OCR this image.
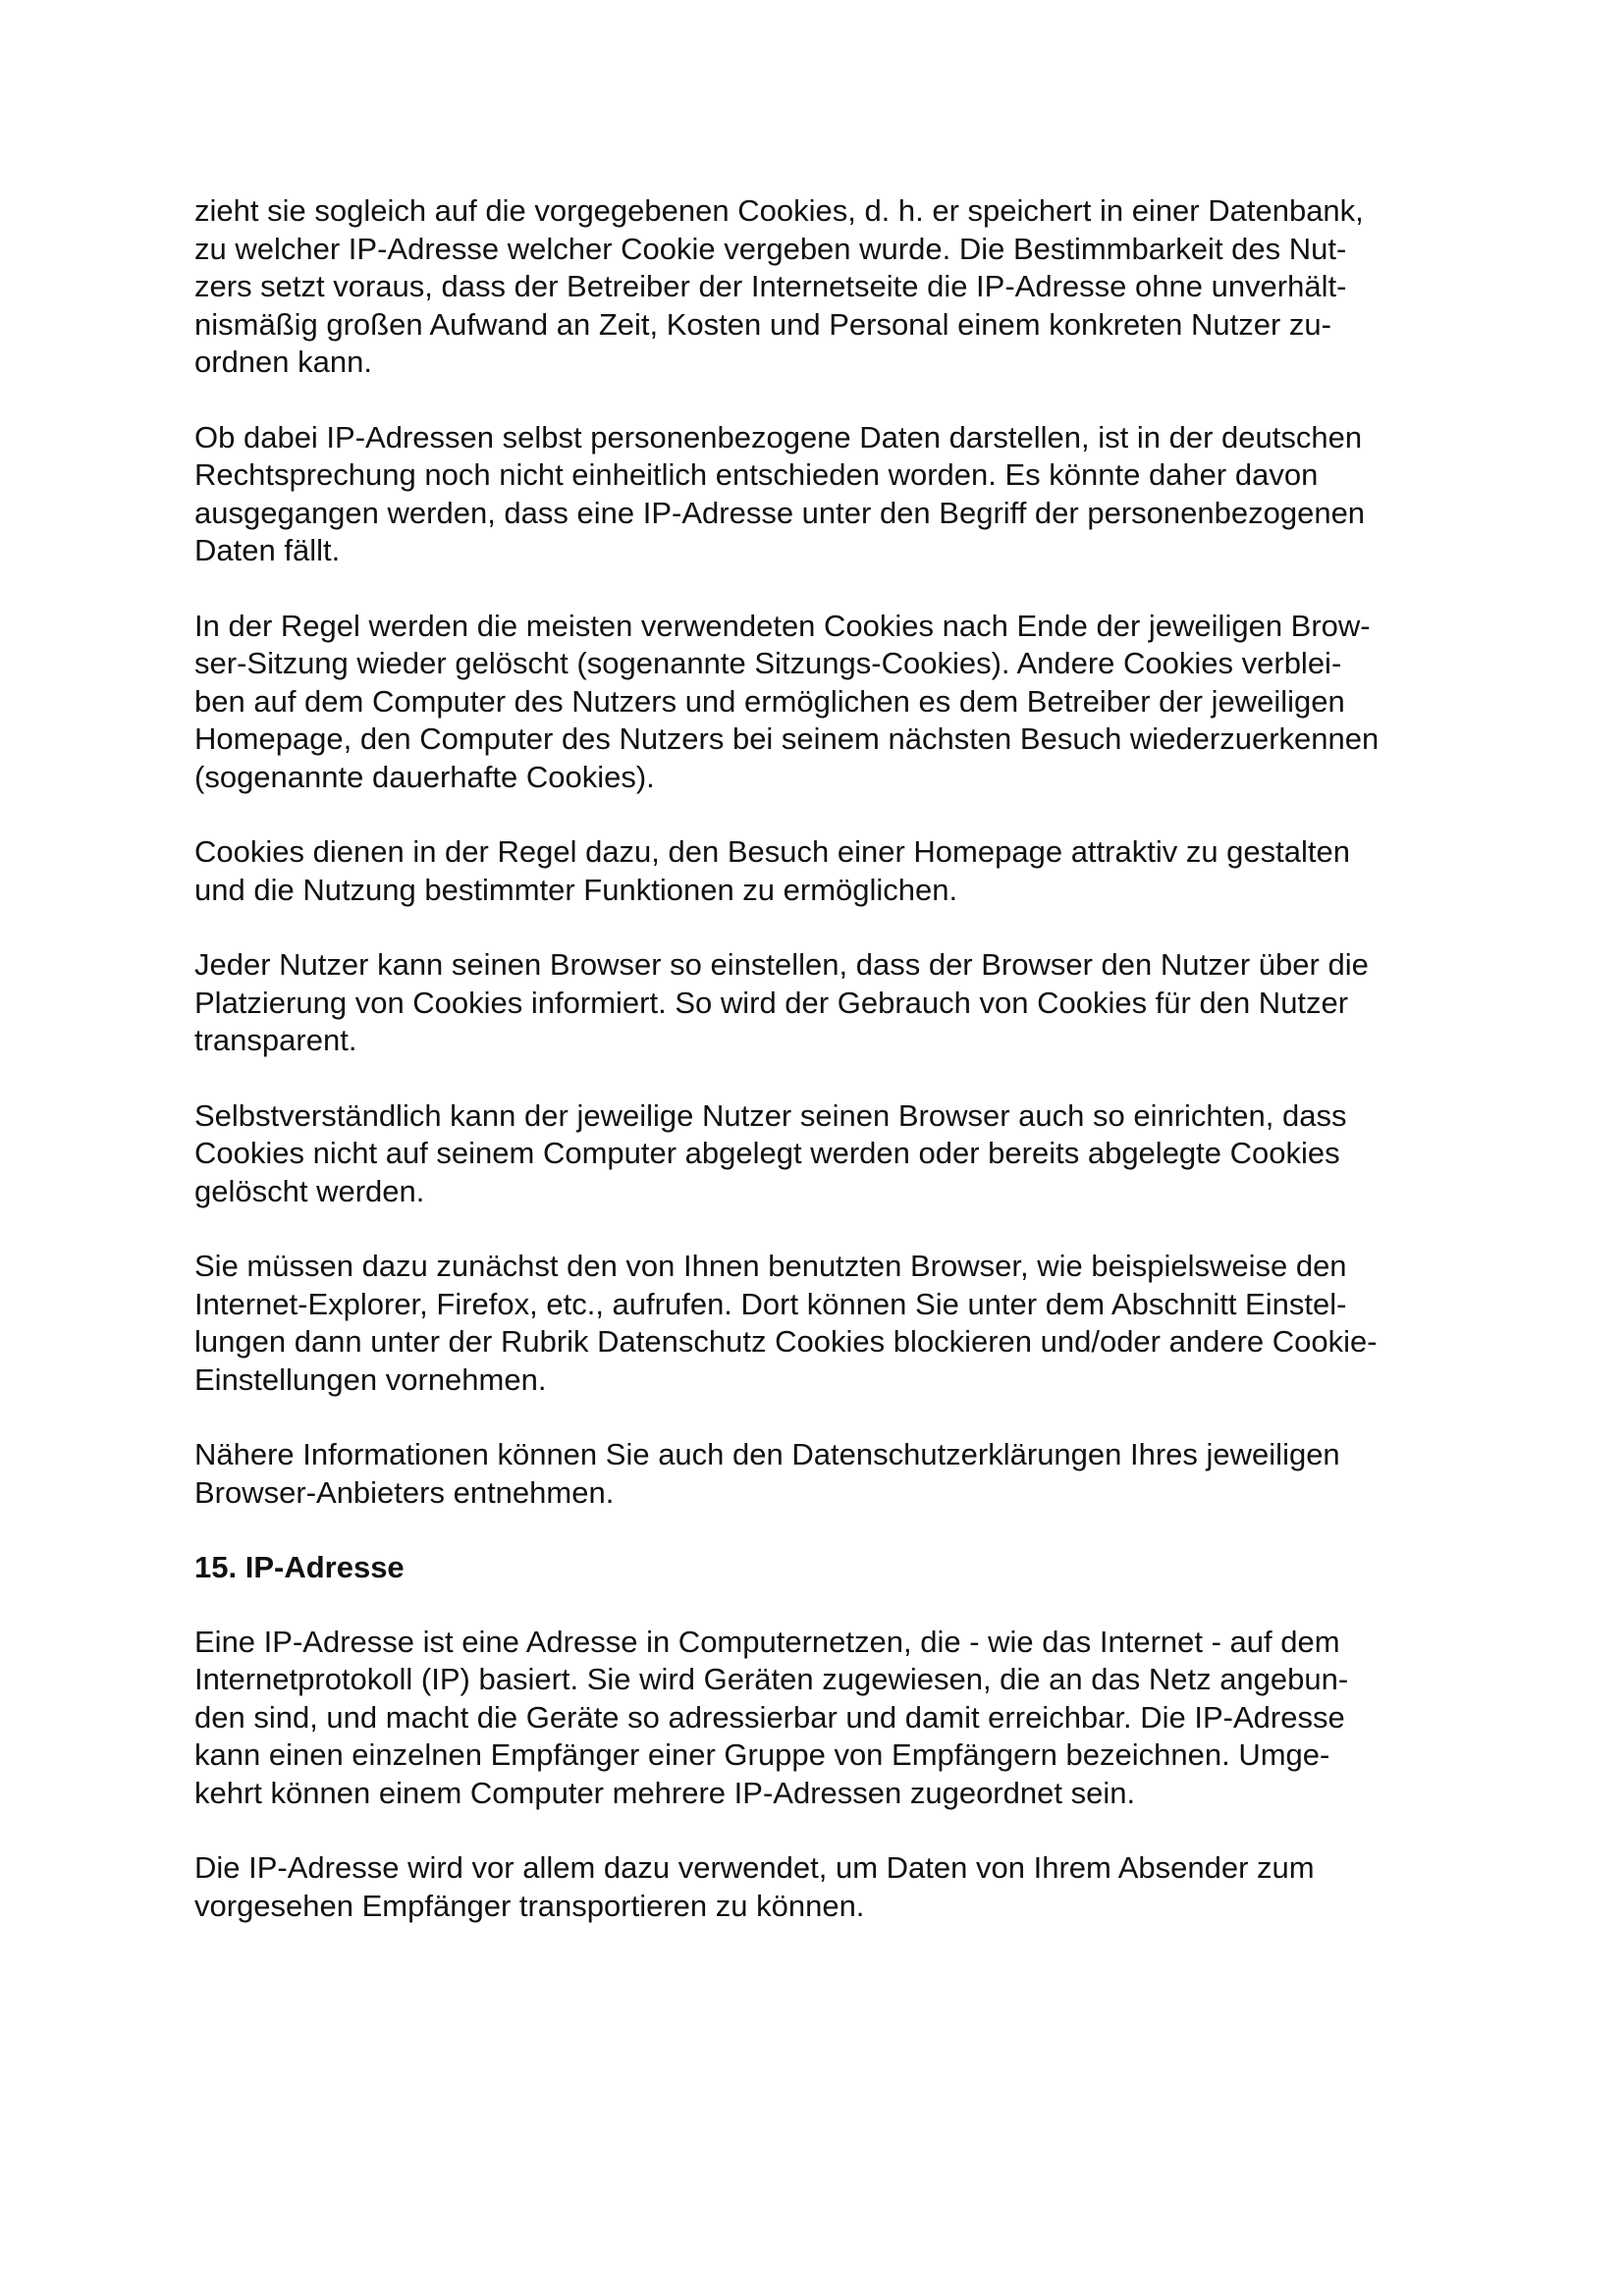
zieht sie sogleich auf die vorgegebenen Cookies, d. h. er speichert in einer Datenbank,
zu welcher IP-Adresse welcher Cookie vergeben wurde. Die Bestimmbarkeit des Nut-
zers setzt voraus, dass der Betreiber der Internetseite die IP-Adresse ohne unverhält-
nismäßig großen Aufwand an Zeit, Kosten und Personal einem konkreten Nutzer zu-
ordnen kann.

Ob dabei IP-Adressen selbst personenbezogene Daten darstellen, ist in der deutschen
Rechtsprechung noch nicht einheitlich entschieden worden. Es könnte daher davon
ausgegangen werden, dass eine IP-Adresse unter den Begriff der personenbezogenen
Daten fällt.

In der Regel werden die meisten verwendeten Cookies nach Ende der jeweiligen Brow-
ser-Sitzung wieder gelöscht (sogenannte Sitzungs-Cookies). Andere Cookies verblei-
ben auf dem Computer des Nutzers und ermöglichen es dem Betreiber der jeweiligen
Homepage, den Computer des Nutzers bei seinem nächsten Besuch wiederzuerkennen
(sogenannte dauerhafte Cookies).

Cookies dienen in der Regel dazu, den Besuch einer Homepage attraktiv zu gestalten
und die Nutzung bestimmter Funktionen zu ermöglichen.

Jeder Nutzer kann seinen Browser so einstellen, dass der Browser den Nutzer über die
Platzierung von Cookies informiert. So wird der Gebrauch von Cookies für den Nutzer
transparent.

Selbstverständlich kann der jeweilige Nutzer seinen Browser auch so einrichten, dass
Cookies nicht auf seinem Computer abgelegt werden oder bereits abgelegte Cookies
gelöscht werden.

Sie müssen dazu zunächst den von Ihnen benutzten Browser, wie beispielsweise den
Internet-Explorer, Firefox, etc., aufrufen. Dort können Sie unter dem Abschnitt Einstel-
lungen dann unter der Rubrik Datenschutz Cookies blockieren und/oder andere Cookie-
Einstellungen vornehmen.

Nähere Informationen können Sie auch den Datenschutzerklärungen Ihres jeweiligen
Browser-Anbieters entnehmen.

15. IP-Adresse

Eine IP-Adresse ist eine Adresse in Computernetzen, die - wie das Internet - auf dem
Internetprotokoll (IP) basiert. Sie wird Geräten zugewiesen, die an das Netz angebun-
den sind, und macht die Geräte so adressierbar und damit erreichbar. Die IP-Adresse
kann einen einzelnen Empfänger einer Gruppe von Empfängern bezeichnen. Umge-
kehrt können einem Computer mehrere IP-Adressen zugeordnet sein.

Die IP-Adresse wird vor allem dazu verwendet, um Daten von Ihrem Absender zum
vorgesehen Empfänger transportieren zu können.
